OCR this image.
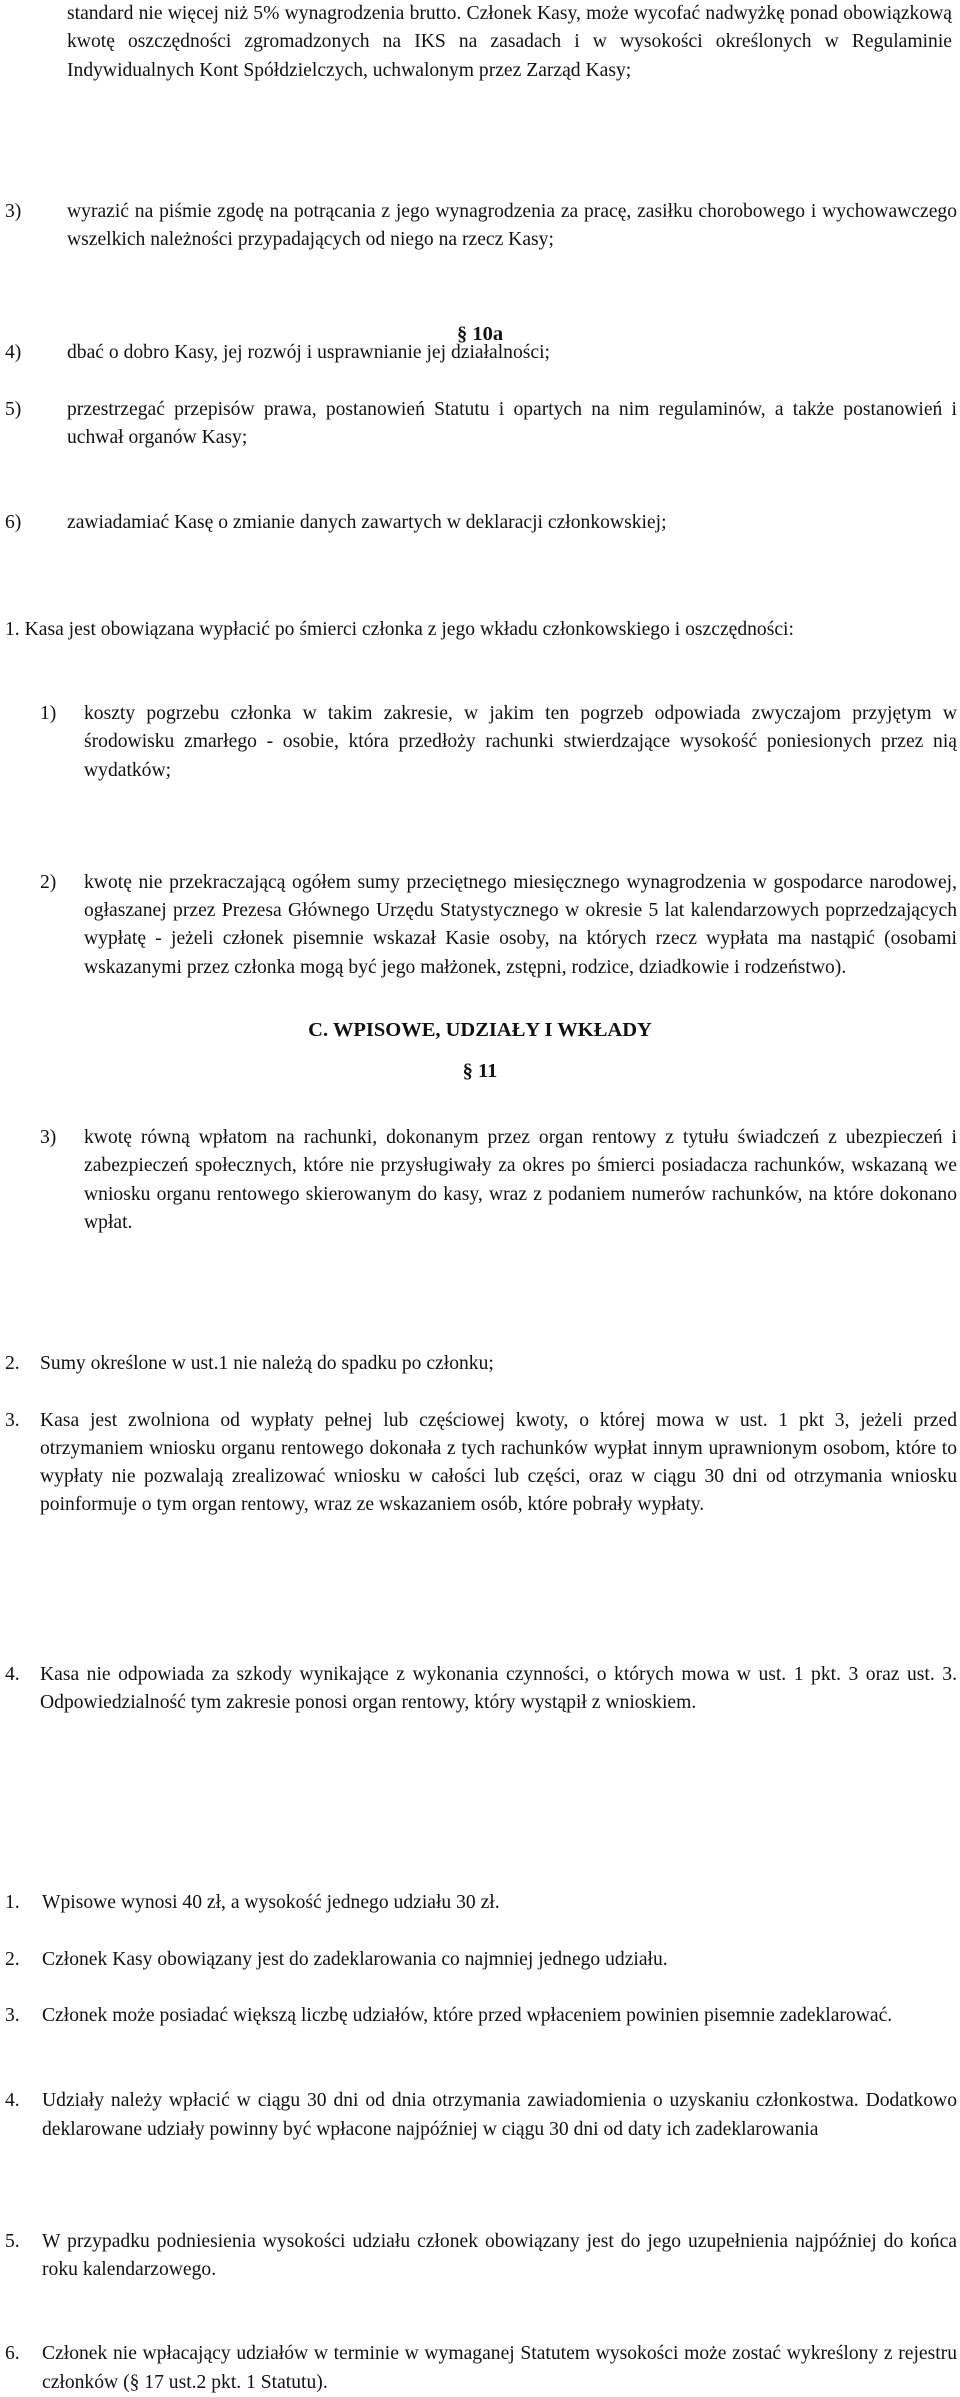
standard nie więcej niż 5% wynagrodzenia brutto. Członek Kasy, może wycofać nadwyżkę ponad obowiązkową kwotę oszczędności zgromadzonych na IKS na zasadach i w wysokości określonych w Regulaminie Indywidualnych Kont Spółdzielczych, uchwalonym przez Zarząd Kasy;
3) wyrazić na piśmie zgodę na potrącania z jego wynagrodzenia za pracę, zasiłku chorobowego i wychowawczego wszelkich należności przypadających od niego na rzecz Kasy;
4) dbać o dobro Kasy, jej rozwój i usprawnianie jej działalności;
5) przestrzegać przepisów prawa, postanowień Statutu i opartych na nim regulaminów, a także postanowień i uchwał organów Kasy;
6) zawiadamiać Kasę o zmianie danych zawartych w deklaracji członkowskiej;
§ 10a
1. Kasa jest obowiązana wypłacić po śmierci członka z jego wkładu członkowskiego i oszczędności:
1) koszty pogrzebu członka w takim zakresie, w jakim ten pogrzeb odpowiada zwyczajom przyjętym w środowisku zmarłego - osobie, która przedłoży rachunki stwierdzające wysokość poniesionych przez nią wydatków;
2) kwotę nie przekraczającą ogółem sumy przeciętnego miesięcznego wynagrodzenia w gospodarce narodowej, ogłaszanej przez Prezesa Głównego Urzędu Statystycznego w okresie 5 lat kalendarzowych poprzedzających wypłatę - jeżeli członek pisemnie wskazał Kasie osoby, na których rzecz wypłata ma nastąpić (osobami wskazanymi przez członka mogą być jego małżonek, zstępni, rodzice, dziadkowie i rodzeństwo).
3) kwotę równą wpłatom na rachunki, dokonanym przez organ rentowy z tytułu świadczeń z ubezpieczeń i zabezpieczeń społecznych, które nie przysługiwały za okres po śmierci posiadacza rachunków, wskazaną we wniosku organu rentowego skierowanym do kasy, wraz z podaniem numerów rachunków, na które dokonano wpłat.
2. Sumy określone w ust.1 nie należą do spadku po członku;
3. Kasa jest zwolniona od wypłaty pełnej lub częściowej kwoty, o której mowa w ust. 1 pkt 3, jeżeli przed otrzymaniem wniosku organu rentowego dokonała z tych rachunków wypłat innym uprawnionym osobom, które to wypłaty nie pozwalają zrealizować wniosku w całości lub części, oraz w ciągu 30 dni od otrzymania wniosku poinformuje o tym organ rentowy, wraz ze wskazaniem osób, które pobrały wypłaty.
4. Kasa nie odpowiada za szkody wynikające z wykonania czynności, o których mowa w ust. 1 pkt. 3 oraz ust. 3. Odpowiedzialność tym zakresie ponosi organ rentowy, który wystąpił z wnioskiem.
C. WPISOWE, UDZIAŁY I WKŁADY
§ 11
1. Wpisowe wynosi 40 zł, a wysokość jednego udziału 30 zł.
2. Członek Kasy obowiązany jest do zadeklarowania co najmniej jednego udziału.
3. Członek może posiadać większą liczbę udziałów, które przed wpłaceniem powinien pisemnie zadeklarować.
4. Udziały należy wpłacić w ciągu 30 dni od dnia otrzymania zawiadomienia o uzyskaniu członkostwa. Dodatkowo deklarowane udziały powinny być wpłacone najpóźniej w ciągu 30 dni od daty ich zadeklarowania
5. W przypadku podniesienia wysokości udziału członek obowiązany jest do jego uzupełnienia najpóźniej do końca roku kalendarzowego.
6. Członek nie wpłacający udziałów w terminie w wymaganej Statutem wysokości może zostać wykreślony z rejestru członków (§ 17 ust.2 pkt. 1 Statutu).
